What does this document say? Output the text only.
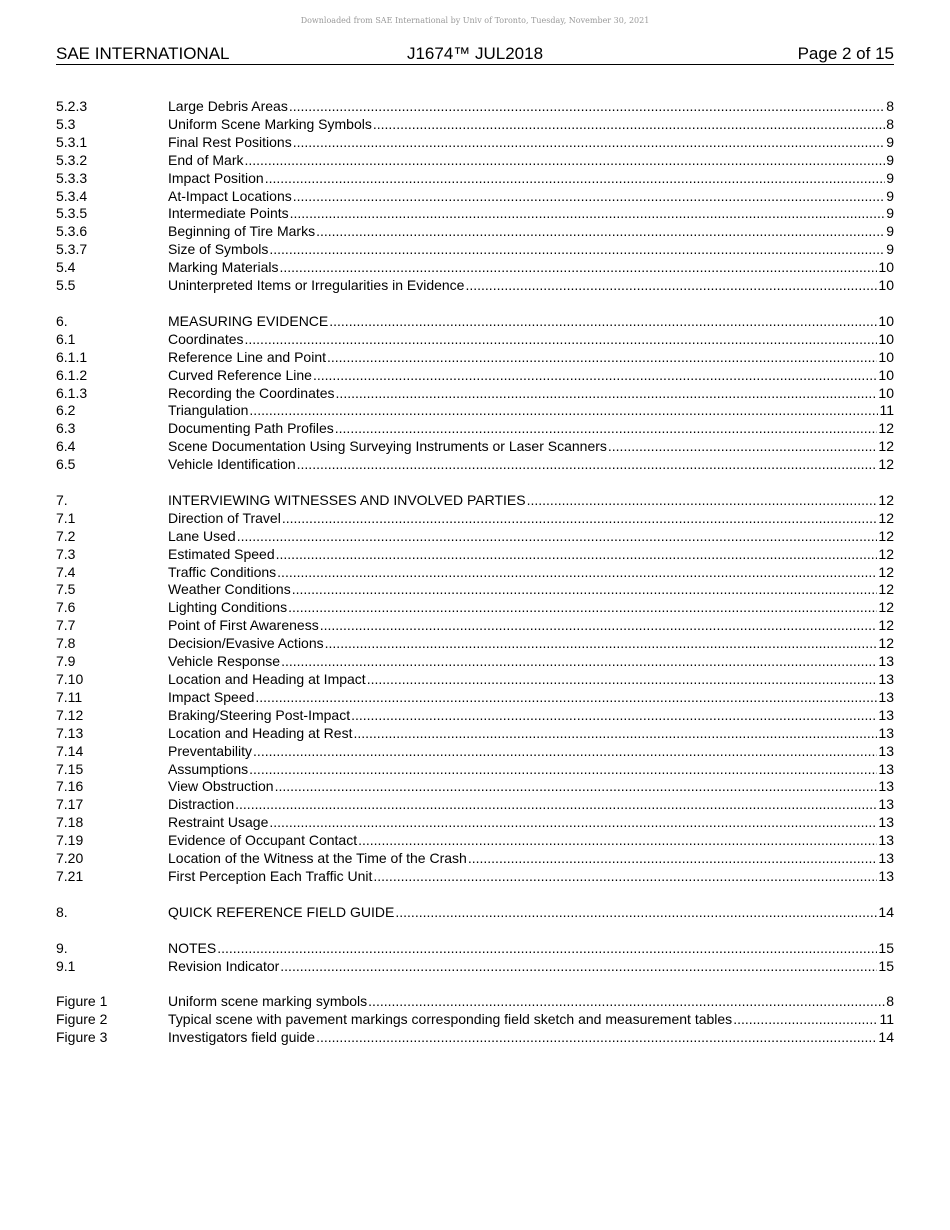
Downloaded from SAE International by Univ of Toronto, Tuesday, November 30, 2021
SAE INTERNATIONAL	J1674™ JUL2018	Page 2 of 15
5.2.3	Large Debris Areas .....	8
5.3	Uniform Scene Marking Symbols .....	8
5.3.1	Final Rest Positions .....	9
5.3.2	End of Mark .....	9
5.3.3	Impact Position .....	9
5.3.4	At-Impact Locations .....	9
5.3.5	Intermediate Points .....	9
5.3.6	Beginning of Tire Marks .....	9
5.3.7	Size of Symbols .....	9
5.4	Marking Materials .....	10
5.5	Uninterpreted Items or Irregularities in Evidence .....	10
6.	MEASURING EVIDENCE .....	10
6.1	Coordinates .....	10
6.1.1	Reference Line and Point .....	10
6.1.2	Curved Reference Line .....	10
6.1.3	Recording the Coordinates .....	10
6.2	Triangulation .....	11
6.3	Documenting Path Profiles .....	12
6.4	Scene Documentation Using Surveying Instruments or Laser Scanners .....	12
6.5	Vehicle Identification .....	12
7.	INTERVIEWING WITNESSES AND INVOLVED PARTIES .....	12
7.1	Direction of Travel .....	12
7.2	Lane Used .....	12
7.3	Estimated Speed .....	12
7.4	Traffic Conditions .....	12
7.5	Weather Conditions .....	12
7.6	Lighting Conditions .....	12
7.7	Point of First Awareness .....	12
7.8	Decision/Evasive Actions .....	12
7.9	Vehicle Response .....	13
7.10	Location and Heading at Impact .....	13
7.11	Impact Speed .....	13
7.12	Braking/Steering Post-Impact .....	13
7.13	Location and Heading at Rest .....	13
7.14	Preventability .....	13
7.15	Assumptions .....	13
7.16	View Obstruction .....	13
7.17	Distraction .....	13
7.18	Restraint Usage .....	13
7.19	Evidence of Occupant Contact .....	13
7.20	Location of the Witness at the Time of the Crash .....	13
7.21	First Perception Each Traffic Unit .....	13
8.	QUICK REFERENCE FIELD GUIDE .....	14
9.	NOTES .....	15
9.1	Revision Indicator .....	15
Figure 1	Uniform scene marking symbols .....	8
Figure 2	Typical scene with pavement markings corresponding field sketch and measurement tables .....	11
Figure 3	Investigators field guide .....	14
